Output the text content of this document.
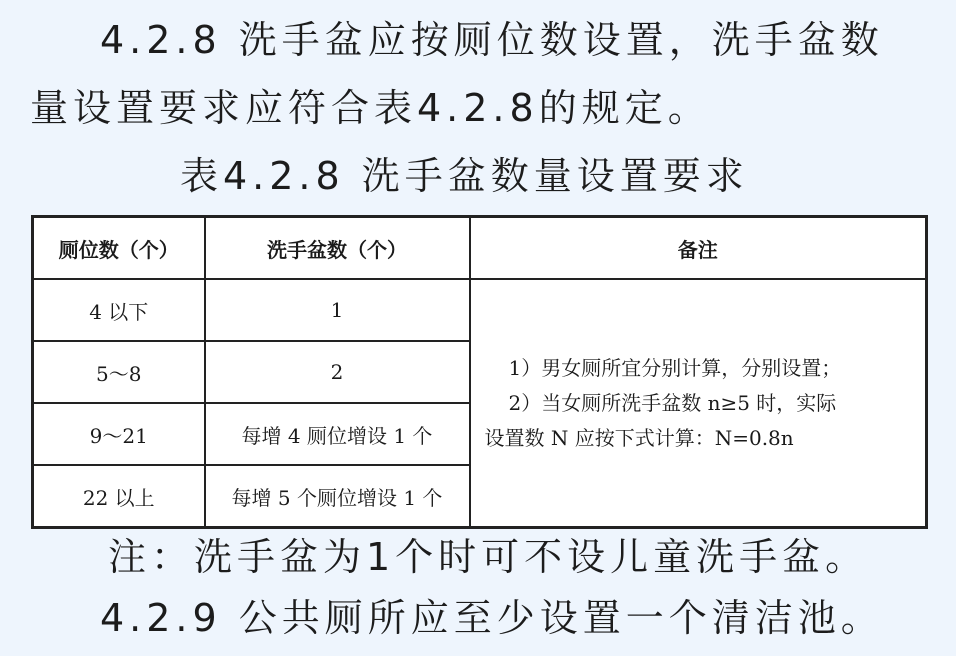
4.2.8 洗手盆应按厕位数设置，洗手盆数
量设置要求应符合表4.2.8的规定。
表4.2.8 洗手盆数量设置要求
厕位数（个）	洗手盆数（个）	备注
4 以下	1	1）男女厕所宜分别计算，分别设置；
2）当女厕所洗手盆数 n≥5 时，实际
设置数 N 应按下式计算：N=0.8n

5～8	2	
9～21	每增 4 厕位增设 1 个	
22 以上	每增 5 个厕位增设 1 个	
注：洗手盆为1个时可不设儿童洗手盆。
4.2.9 公共厕所应至少设置一个清洁池。
